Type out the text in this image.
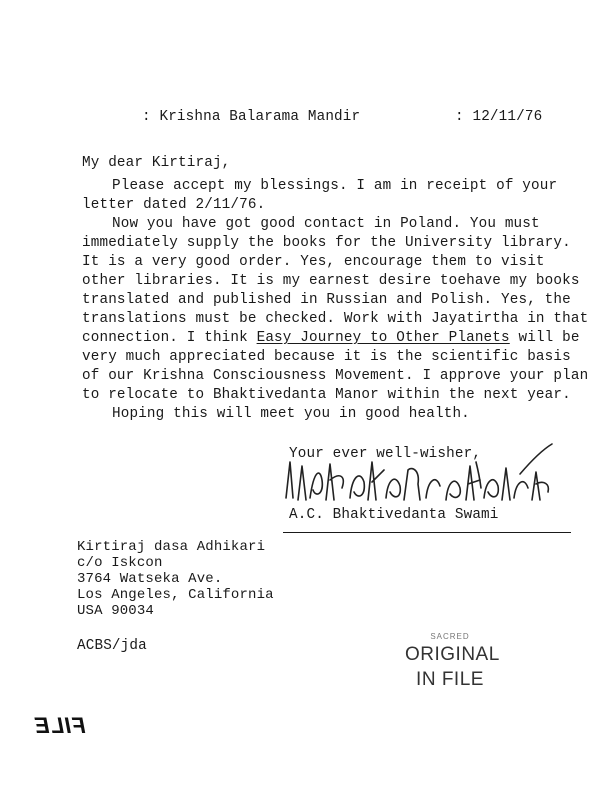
: Krishna Balarama Mandir	: 12/11/76
My dear Kirtiraj,
Please accept my blessings. I am in receipt of your
letter dated 2/11/76.
Now you have got good contact in Poland. You must
immediately supply the books for the University library.
It is a very good order. Yes, encourage them to visit
other libraries. It is my earnest desire toehave my books
translated and published in Russian and Polish. Yes, the
translations must be checked. Work with Jayatirtha in that
connection. I think Easy Journey to Other Planets will be
very much appreciated because it is the scientific basis
of our Krishna Consciousness Movement. I approve your plan
to relocate to Bhaktivedanta Manor within the next year.
Hoping this will meet you in good health.
Your ever well-wisher,
A.C. Bhaktivedanta Swami
Kirtiraj dasa Adhikari
c/o Iskcon
3764 Watseka Ave.
Los Angeles, California
USA 90034
ACBS/jda
SACRED
ORIGINAL
IN FILE
FILE
